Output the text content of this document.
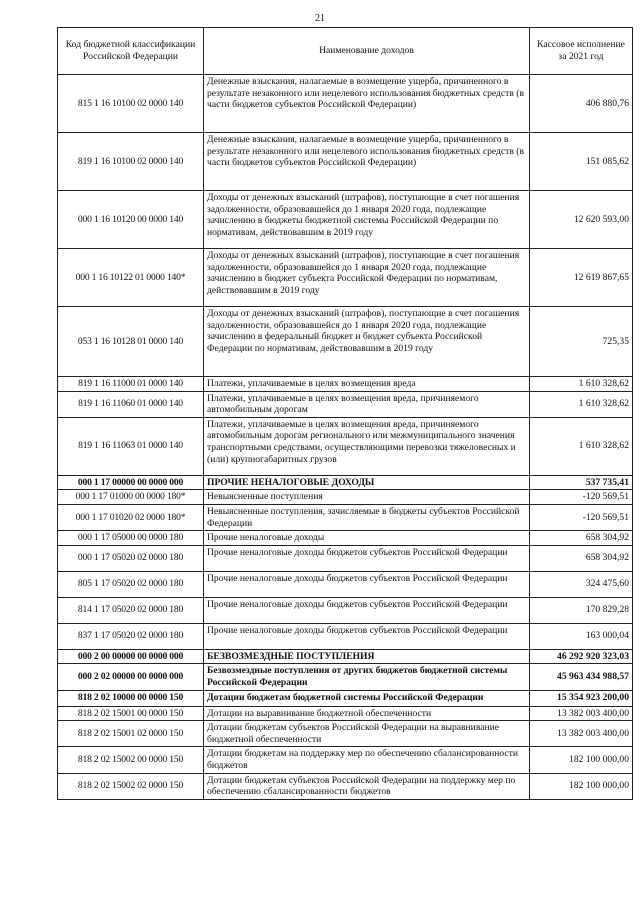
21
Код бюджетной классификации Российской Федерации	Наименование доходов	Кассовое исполнение за 2021 год
815 1 16 10100 02 0000 140	Денежные взыскания, налагаемые в возмещение ущерба, причиненного в результате незаконного или нецелевого использования бюджетных средств (в части бюджетов субъектов Российской Федерации)	406 880,76
819 1 16 10100 02 0000 140	Денежные взыскания, налагаемые в возмещение ущерба, причиненного в результате незаконного или нецелевого использования бюджетных средств (в части бюджетов субъектов Российской Федерации)	151 085,62
000 1 16 10120 00 0000 140	Доходы от денежных взысканий (штрафов), поступающие в счет погашения задолженности, образовавшейся до 1 января 2020 года, подлежащие зачислению в бюджеты бюджетной системы Российской Федерации по нормативам, действовавшим в 2019 году	12 620 593,00
000 1 16 10122 01 0000 140*	Доходы от денежных взысканий (штрафов), поступающие в счет погашения задолженности, образовавшейся до 1 января 2020 года, подлежащие зачислению в бюджет субъекта Российской Федерации по нормативам, действовавшим в 2019 году	12 619 867,65
053 1 16 10128 01 0000 140	Доходы от денежных взысканий (штрафов), поступающие в счет погашения задолженности, образовавшейся до 1 января 2020 года, подлежащие зачислению в федеральный бюджет и бюджет субъекта Российской Федерации по нормативам, действовавшим в 2019 году	725,35
819 1 16 11000 01 0000 140	Платежи, уплачиваемые в целях возмещения вреда	1 610 328,62
819 1 16 11060 01 0000 140	Платежи, уплачиваемые в целях возмещения вреда, причиняемого автомобильным дорогам	1 610 328,62
819 1 16 11063 01 0000 140	Платежи, уплачиваемые в целях возмещения вреда, причиняемого автомобильным дорогам регионального или межмуниципального значения транспортными средствами, осуществляющими перевозки тяжеловесных и (или) крупногабаритных грузов	1 610 328,62
000 1 17 00000 00 0000 000	ПРОЧИЕ НЕНАЛОГОВЫЕ ДОХОДЫ	537 735,41
000 1 17 01000 00 0000 180*	Невыясненные поступления	-120 569,51
000 1 17 01020 02 0000 180*	Невыясненные поступления, зачисляемые в бюджеты субъектов Российской Федерации	-120 569,51
000 1 17 05000 00 0000 180	Прочие неналоговые доходы	658 304,92
000 1 17 05020 02 0000 180	Прочие неналоговые доходы бюджетов субъектов Российской Федерации	658 304,92
805 1 17 05020 02 0000 180	Прочие неналоговые доходы бюджетов субъектов Российской Федерации	324 475,60
814 1 17 05020 02 0000 180	Прочие неналоговые доходы бюджетов субъектов Российской Федерации	170 829,28
837 1 17 05020 02 0000 180	Прочие неналоговые доходы бюджетов субъектов Российской Федерации	163 000,04
000 2 00 00000 00 0000 000	БЕЗВОЗМЕЗДНЫЕ ПОСТУПЛЕНИЯ	46 292 920 323,03
000 2 02 00000 00 0000 000	Безвозмездные поступления от других бюджетов бюджетной системы Российской Федерации	45 963 434 988,57
818 2 02 10000 00 0000 150	Дотации бюджетам бюджетной системы Российской Федерации	15 354 923 200,00
818 2 02 15001 00 0000 150	Дотации на выравнивание бюджетной обеспеченности	13 382 003 400,00
818 2 02 15001 02 0000 150	Дотации бюджетам субъектов Российской Федерации на выравнивание бюджетной обеспеченности	13 382 003 400,00
818 2 02 15002 00 0000 150	Дотации бюджетам на поддержку мер по обеспечению сбалансированности бюджетов	182 100 000,00
818 2 02 15002 02 0000 150	Дотации бюджетам субъектов Российской Федерации на поддержку мер по обеспечению сбалансированности бюджетов	182 100 000,00
